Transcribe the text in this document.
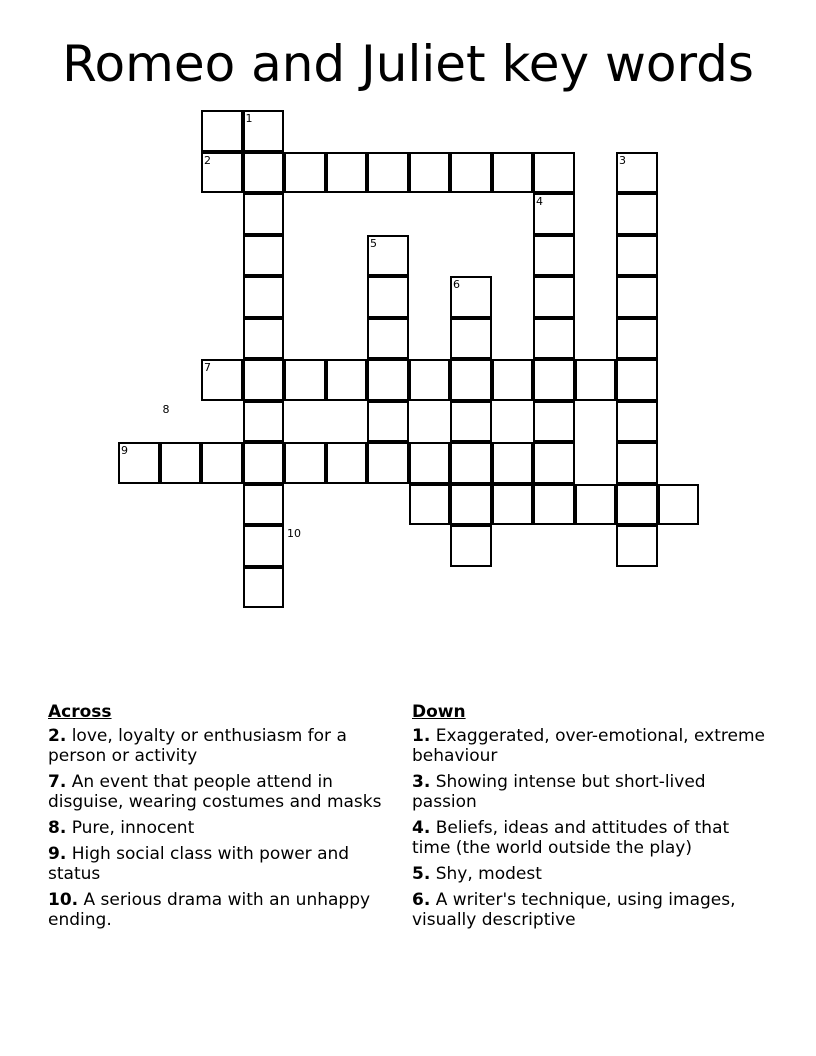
Romeo and Juliet key words
1
2	3
4
5
6
7
8
9
10
Across
2. love, loyalty or enthusiasm for a person or activity
7. An event that people attend in disguise, wearing costumes and masks
8. Pure, innocent
9. High social class with power and status
10. A serious drama with an unhappy ending.
Down
1. Exaggerated, over-emotional, extreme behaviour
3. Showing intense but short-lived passion
4. Beliefs, ideas and attitudes of that time (the world outside the play)
5. Shy, modest
6. A writer's technique, using images, visually descriptive
